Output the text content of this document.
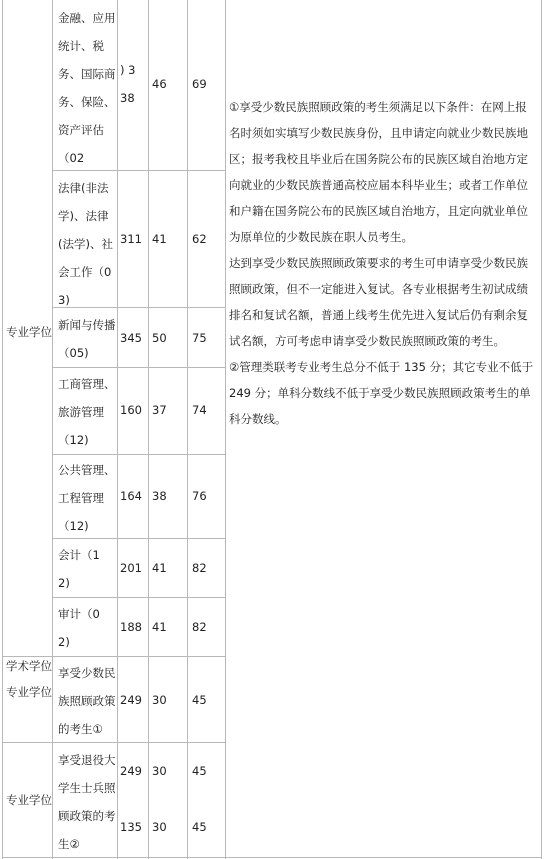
金融、应用
统计、税
务、国际商
务、保险、
资产评估
（02
) 3
38
46 69
法律(非法
学)、法律
(法学)、社
会工作（0
3)
311 41 62
专业学位 新闻与传播
（05)
345 50 75
工商管理、
旅游管理
（12)
160 37 74
公共管理、
工程管理
（12)
164 38 76
会计（1
2)
201 41 82
审计（0
2)
188 41 82
学术学位

专业学位
享受少数民
族照顾政策
的考生①
249 30 45
专业学位
享受退役大
学生士兵照
顾政策的考
生②
249
135
30
30
45
45

①享受少数民族照顾政策的考生须满足以下条件：在网上报名时须如实填写少数民族身份，且申请定向就业少数民族地区；报考我校且毕业后在国务院公布的民族区域自治地方定向就业的少数民族普通高校应届本科毕业生；或者工作单位和户籍在国务院公布的民族区域自治地方，且定向就业单位为原单位的少数民族在职人员考生。

达到享受少数民族照顾政策要求的考生可申请享受少数民族照顾政策，但不一定能进入复试。各专业根据考生初试成绩排名和复试名额，普通上线考生优先进入复试后仍有剩余复试名额，方可考虑申请享受少数民族照顾政策的考生。

②管理类联考专业考生总分不低于 135 分；其它专业不低于 249 分；单科分数线不低于享受少数民族照顾政策考生的单科分数线。
